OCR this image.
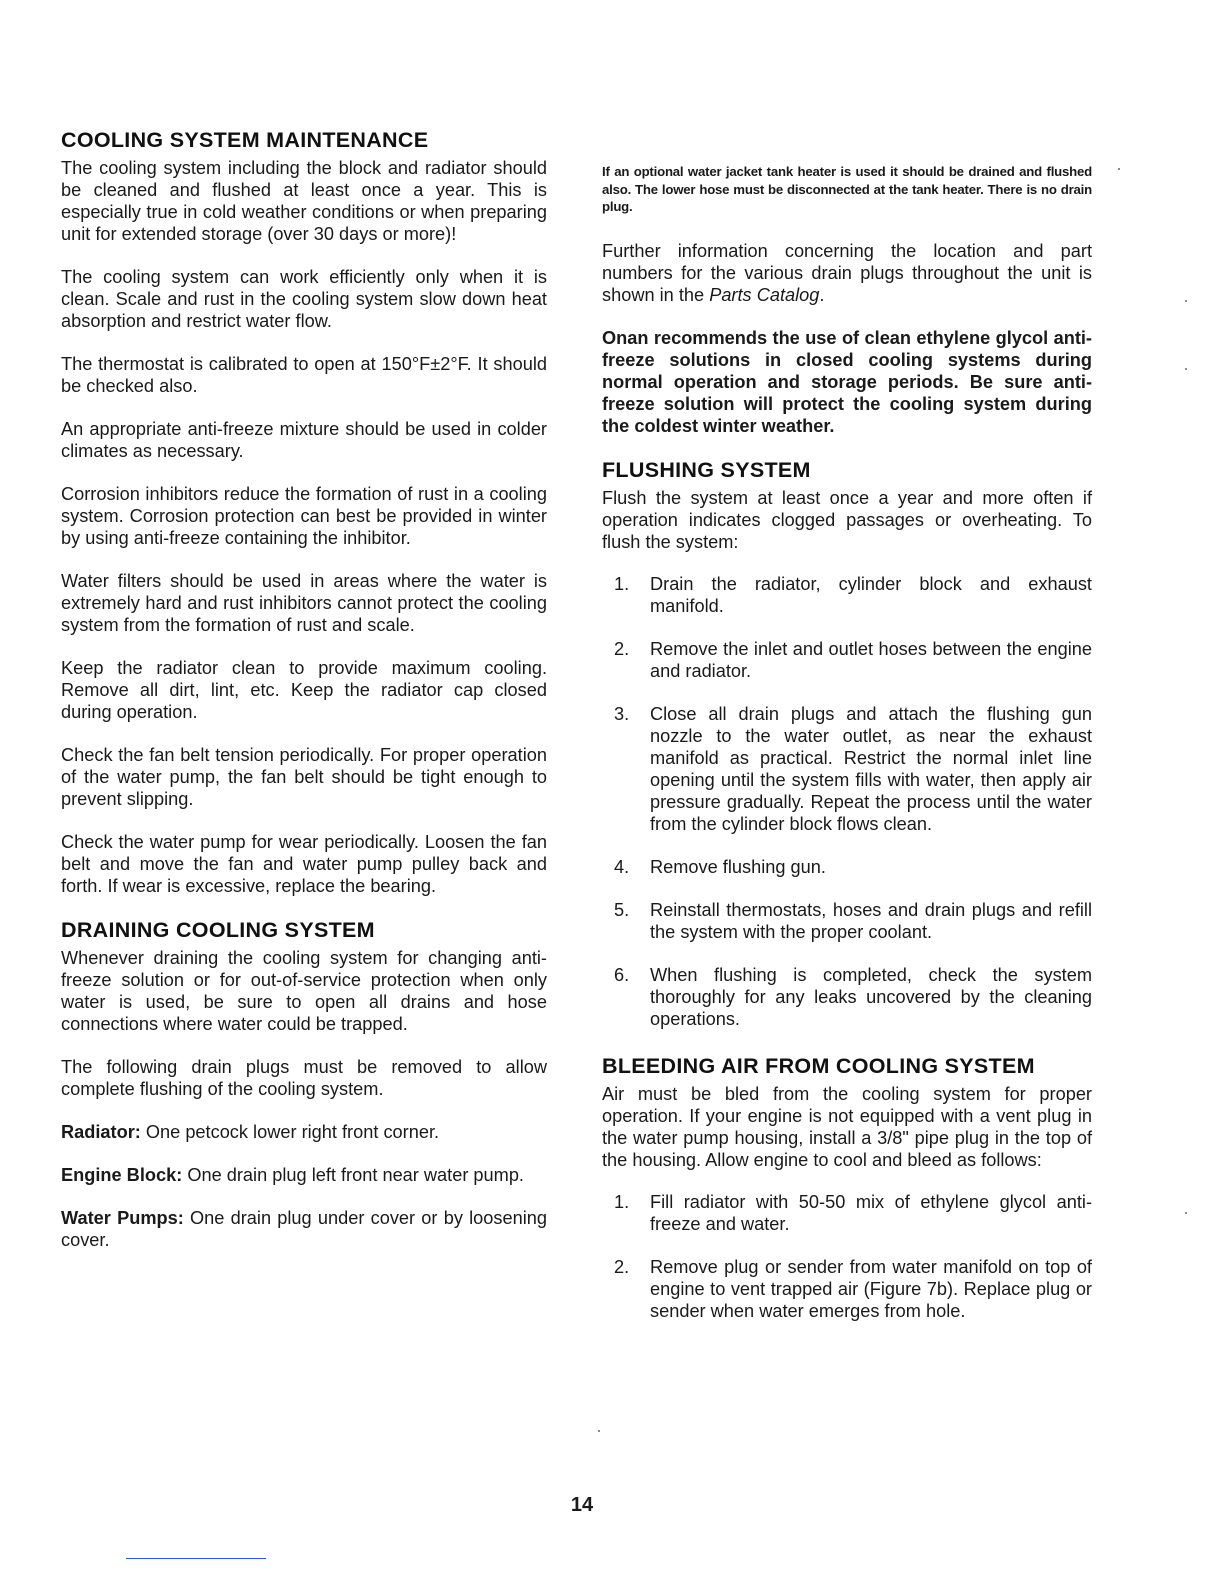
COOLING SYSTEM MAINTENANCE

The cooling system including the block and radiator should be cleaned and flushed at least once a year. This is especially true in cold weather conditions or when preparing unit for extended storage (over 30 days or more)!

The cooling system can work efficiently only when it is clean. Scale and rust in the cooling system slow down heat absorption and restrict water flow.

The thermostat is calibrated to open at 150°F±2°F. It should be checked also.

An appropriate anti-freeze mixture should be used in colder climates as necessary.

Corrosion inhibitors reduce the formation of rust in a cooling system. Corrosion protection can best be provided in winter by using anti-freeze containing the inhibitor.

Water filters should be used in areas where the water is extremely hard and rust inhibitors cannot protect the cooling system from the formation of rust and scale.

Keep the radiator clean to provide maximum cooling. Remove all dirt, lint, etc. Keep the radiator cap closed during operation.

Check the fan belt tension periodically. For proper operation of the water pump, the fan belt should be tight enough to prevent slipping.

Check the water pump for wear periodically. Loosen the fan belt and move the fan and water pump pulley back and forth. If wear is excessive, replace the bearing.

DRAINING COOLING SYSTEM

Whenever draining the cooling system for changing anti-freeze solution or for out-of-service protection when only water is used, be sure to open all drains and hose connections where water could be trapped.

The following drain plugs must be removed to allow complete flushing of the cooling system.

Radiator: One petcock lower right front corner.

Engine Block: One drain plug left front near water pump.

Water Pumps: One drain plug under cover or by loosening cover.

If an optional water jacket tank heater is used it should be drained and flushed also. The lower hose must be disconnected at the tank heater. There is no drain plug.

Further information concerning the location and part numbers for the various drain plugs throughout the unit is shown in the Parts Catalog.

Onan recommends the use of clean ethylene glycol anti-freeze solutions in closed cooling systems during normal operation and storage periods. Be sure anti-freeze solution will protect the cooling system during the coldest winter weather.

FLUSHING SYSTEM

Flush the system at least once a year and more often if operation indicates clogged passages or overheating. To flush the system:

1. Drain the radiator, cylinder block and exhaust manifold.
2. Remove the inlet and outlet hoses between the engine and radiator.
3. Close all drain plugs and attach the flushing gun nozzle to the water outlet, as near the exhaust manifold as practical. Restrict the normal inlet line opening until the system fills with water, then apply air pressure gradually. Repeat the process until the water from the cylinder block flows clean.
4. Remove flushing gun.
5. Reinstall thermostats, hoses and drain plugs and refill the system with the proper coolant.
6. When flushing is completed, check the system thoroughly for any leaks uncovered by the cleaning operations.
BLEEDING AIR FROM COOLING SYSTEM

Air must be bled from the cooling system for proper operation. If your engine is not equipped with a vent plug in the water pump housing, install a 3/8" pipe plug in the top of the housing. Allow engine to cool and bleed as follows:

1. Fill radiator with 50-50 mix of ethylene glycol anti-freeze and water.
2. Remove plug or sender from water manifold on top of engine to vent trapped air (Figure 7b). Replace plug or sender when water emerges from hole.
14
